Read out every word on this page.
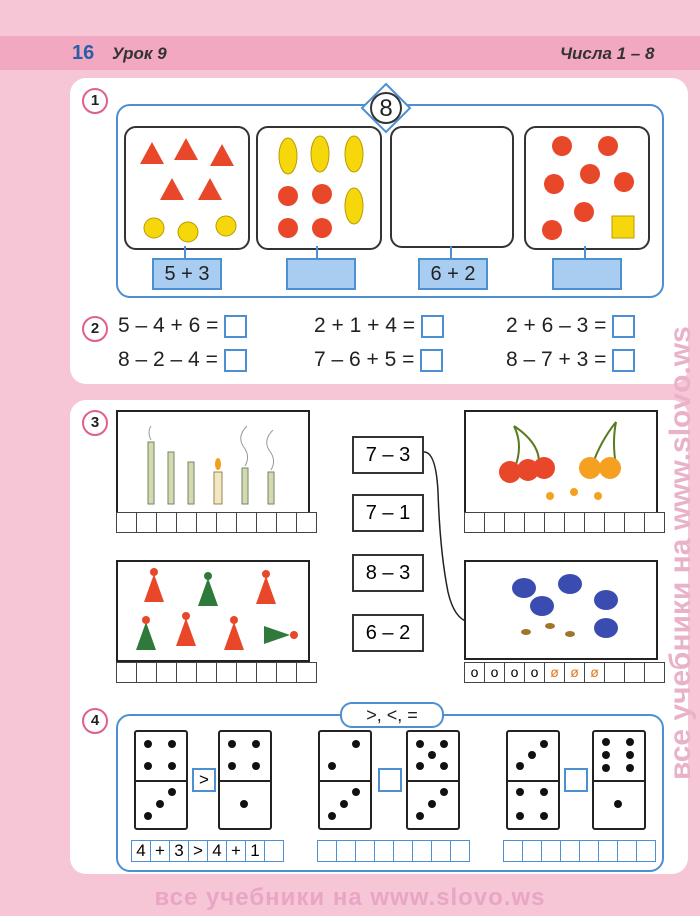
16 Урок 9	Числа 1 – 8
1	8
5 + 3	6 + 2
2 5 – 4 + 6 =	2 + 1 + 4 =	2 + 6 – 3 =
8 – 2 – 4 =	7 – 6 + 5 =	8 – 7 + 3 =
3
7 – 3
7 – 1
8 – 3
6 – 2
o o o o ø ø ø
4	>, <, =
>
4 + 3 > 4 + 1
все учебники на www.slovo.ws
все учебники на www.slovo.ws
